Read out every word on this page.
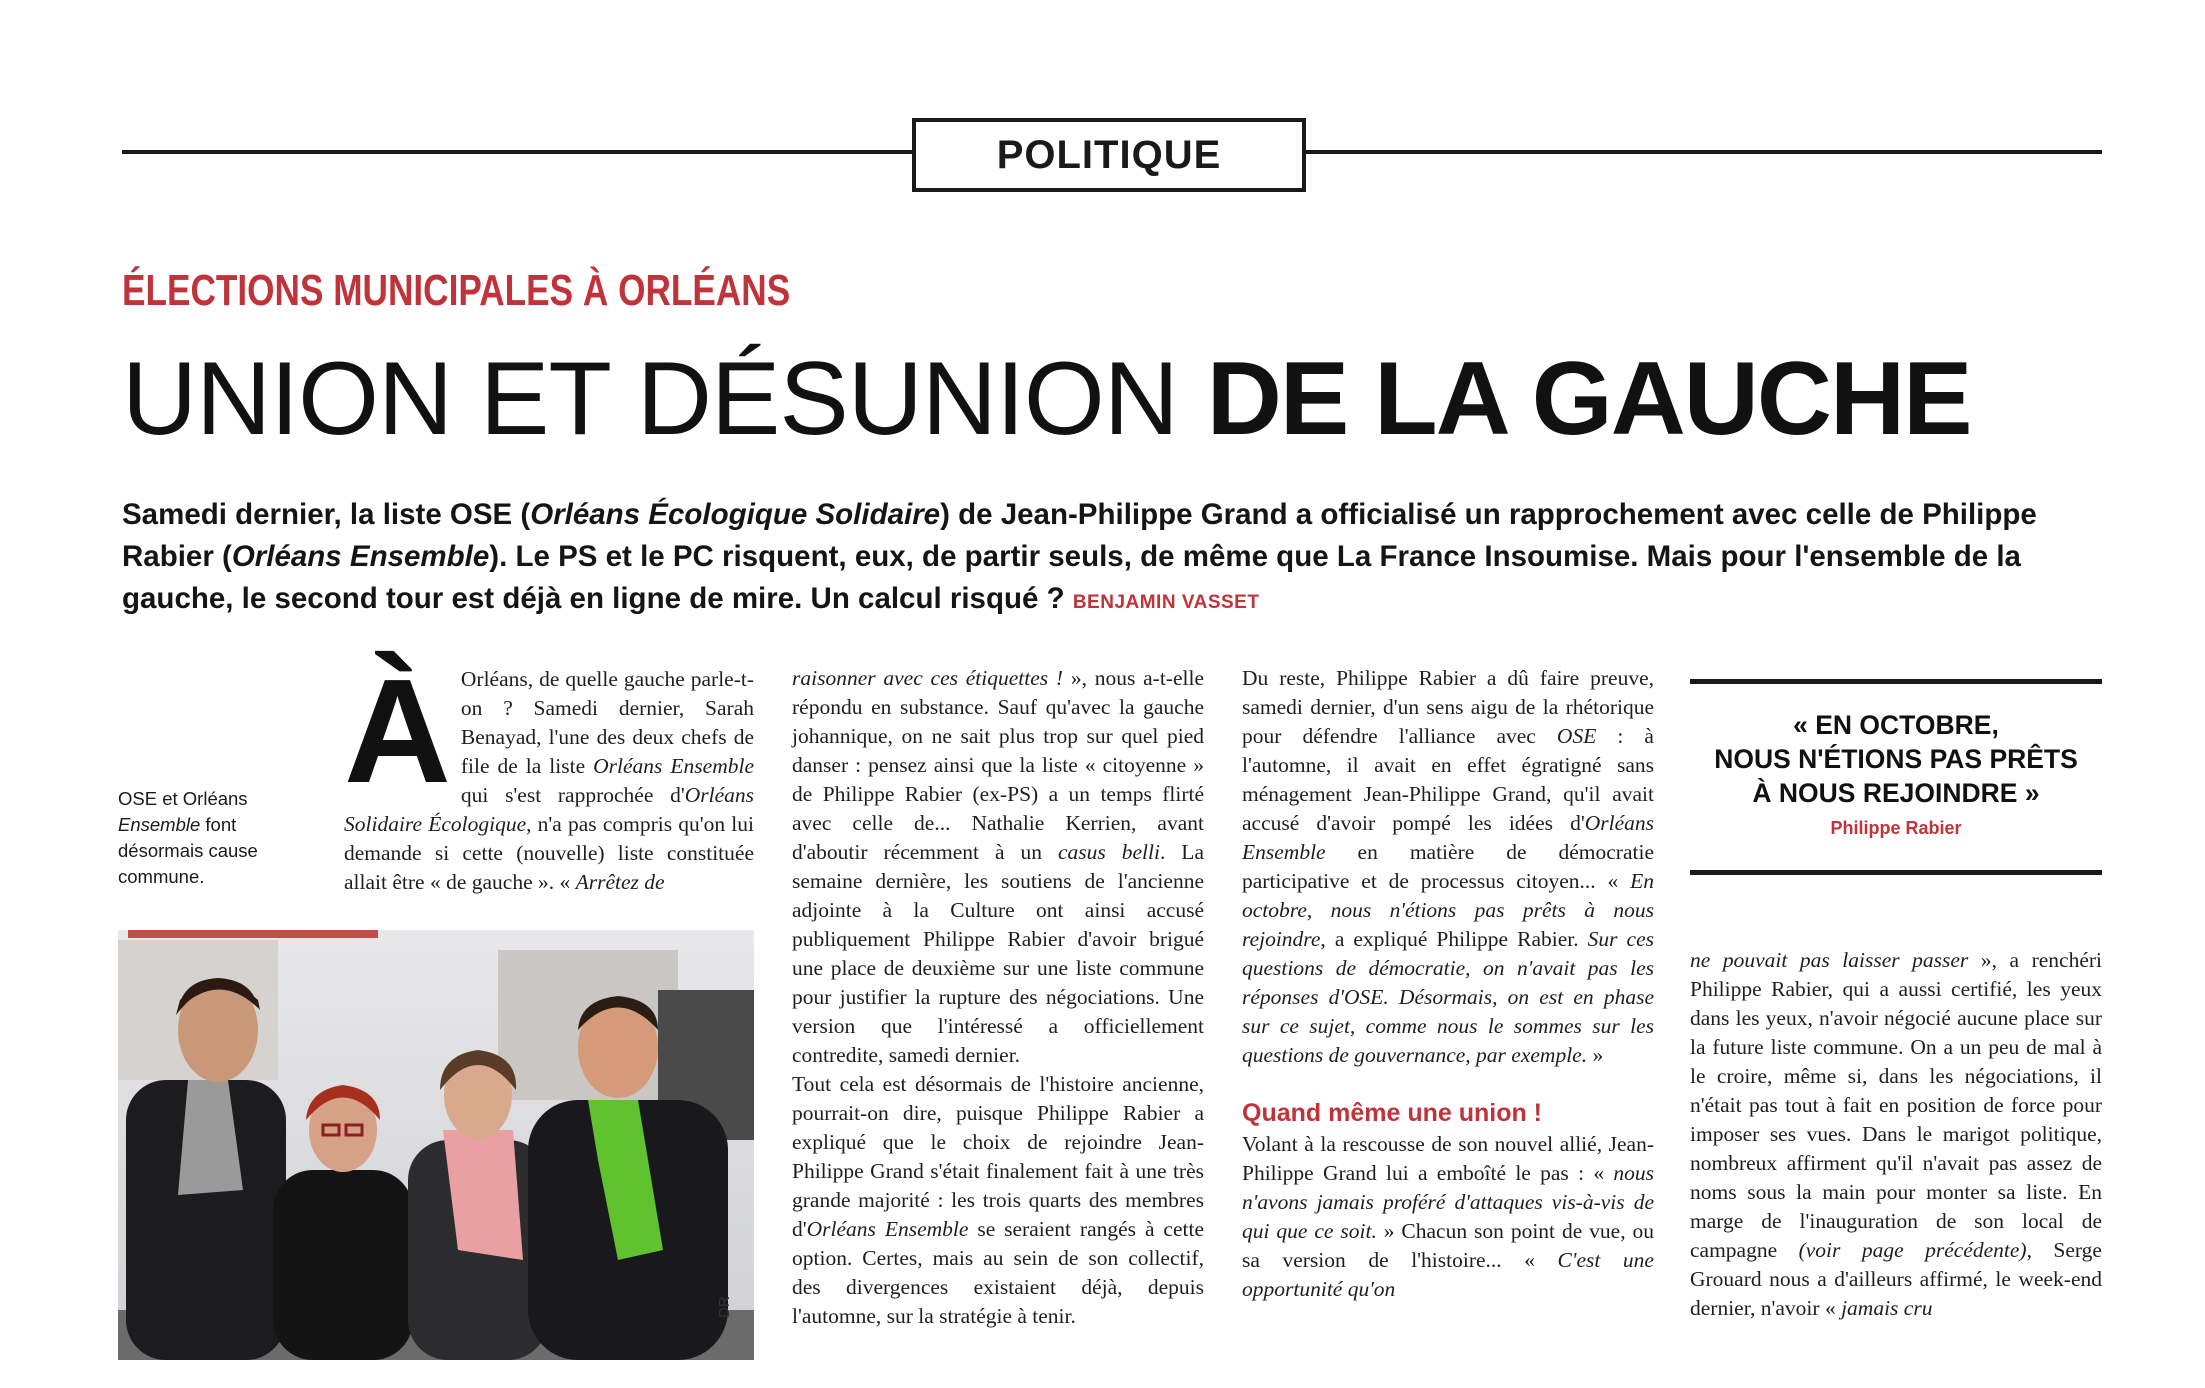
POLITIQUE
ÉLECTIONS MUNICIPALES À ORLÉANS
UNION ET DÉSUNION DE LA GAUCHE

Samedi dernier, la liste OSE (Orléans Écologique Solidaire) de Jean-Philippe Grand a officialisé un rapprochement avec celle de Philippe Rabier (Orléans Ensemble). Le PS et le PC risquent, eux, de partir seuls, de même que La France Insoumise. Mais pour l'ensemble de la gauche, le second tour est déjà en ligne de mire. Un calcul risqué ? BENJAMIN VASSET

OSE et Orléans Ensemble font désormais cause commune.
DR
À Orléans, de quelle gauche parle-t-on ? Samedi dernier, Sarah Benayad, l'une des deux chefs de file de la liste Orléans Ensemble qui s'est rapprochée d'Orléans Solidaire Écologique, n'a pas compris qu'on lui demande si cette (nouvelle) liste constituée allait être « de gauche ». « Arrêtez de

raisonner avec ces étiquettes ! », nous a-t-elle répondu en substance. Sauf qu'avec la gauche johannique, on ne sait plus trop sur quel pied danser : pensez ainsi que la liste « citoyenne » de Philippe Rabier (ex-PS) a un temps flirté avec celle de... Nathalie Kerrien, avant d'aboutir récemment à un casus belli. La semaine dernière, les soutiens de l'ancienne adjointe à la Culture ont ainsi accusé publiquement Philippe Rabier d'avoir brigué une place de deuxième sur une liste commune pour justifier la rupture des négociations. Une version que l'intéressé a officiellement contredite, samedi dernier.

Tout cela est désormais de l'histoire ancienne, pourrait-on dire, puisque Philippe Rabier a expliqué que le choix de rejoindre Jean-Philippe Grand s'était finalement fait à une très grande majorité : les trois quarts des membres d'Orléans Ensemble se seraient rangés à cette option. Certes, mais au sein de son collectif, des divergences existaient déjà, depuis l'automne, sur la stratégie à tenir.

Du reste, Philippe Rabier a dû faire preuve, samedi dernier, d'un sens aigu de la rhétorique pour défendre l'alliance avec OSE : à l'automne, il avait en effet égratigné sans ménagement Jean-Philippe Grand, qu'il avait accusé d'avoir pompé les idées d'Orléans Ensemble en matière de démocratie participative et de processus citoyen... « En octobre, nous n'étions pas prêts à nous rejoindre, a expliqué Philippe Rabier. Sur ces questions de démocratie, on n'avait pas les réponses d'OSE. Désormais, on est en phase sur ce sujet, comme nous le sommes sur les questions de gouvernance, par exemple. »

Quand même une union !

Volant à la rescousse de son nouvel allié, Jean-Philippe Grand lui a emboîté le pas : « nous n'avons jamais proféré d'attaques vis-à-vis de qui que ce soit. » Chacun son point de vue, ou sa version de l'histoire... « C'est une opportunité qu'on

« EN OCTOBRE,
NOUS N'ÉTIONS PAS PRÊTS
À NOUS REJOINDRE »
Philippe Rabier
ne pouvait pas laisser passer », a renchéri Philippe Rabier, qui a aussi certifié, les yeux dans les yeux, n'avoir négocié aucune place sur la future liste commune. On a un peu de mal à le croire, même si, dans les négociations, il n'était pas tout à fait en position de force pour imposer ses vues. Dans le marigot politique, nombreux affirment qu'il n'avait pas assez de noms sous la main pour monter sa liste. En marge de l'inauguration de son local de campagne (voir page précédente), Serge Grouard nous a d'ailleurs affirmé, le week-end dernier, n'avoir « jamais cru
